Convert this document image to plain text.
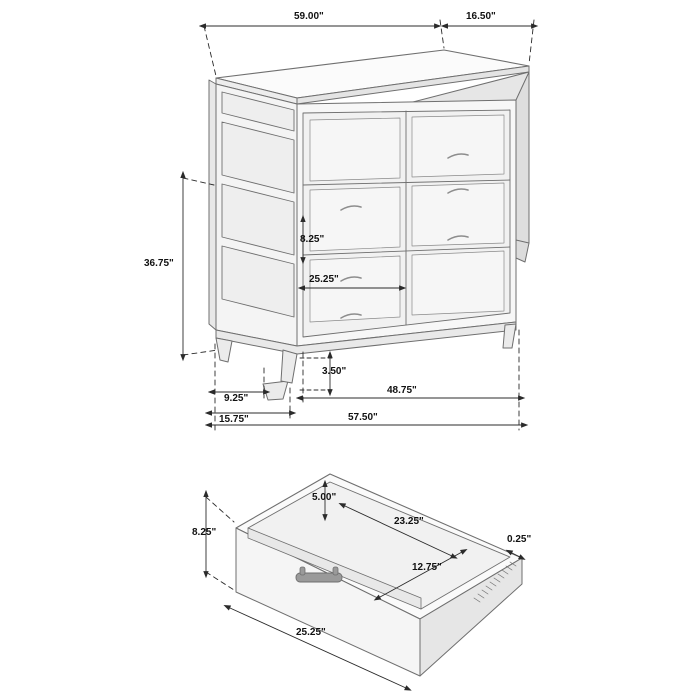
59.00"	16.50"
36.75"
8.25"
25.25"
3.50"
9.25"
15.75"
48.75"
57.50"
5.00"
23.25"
12.75"
0.25"
8.25"
25.25"
